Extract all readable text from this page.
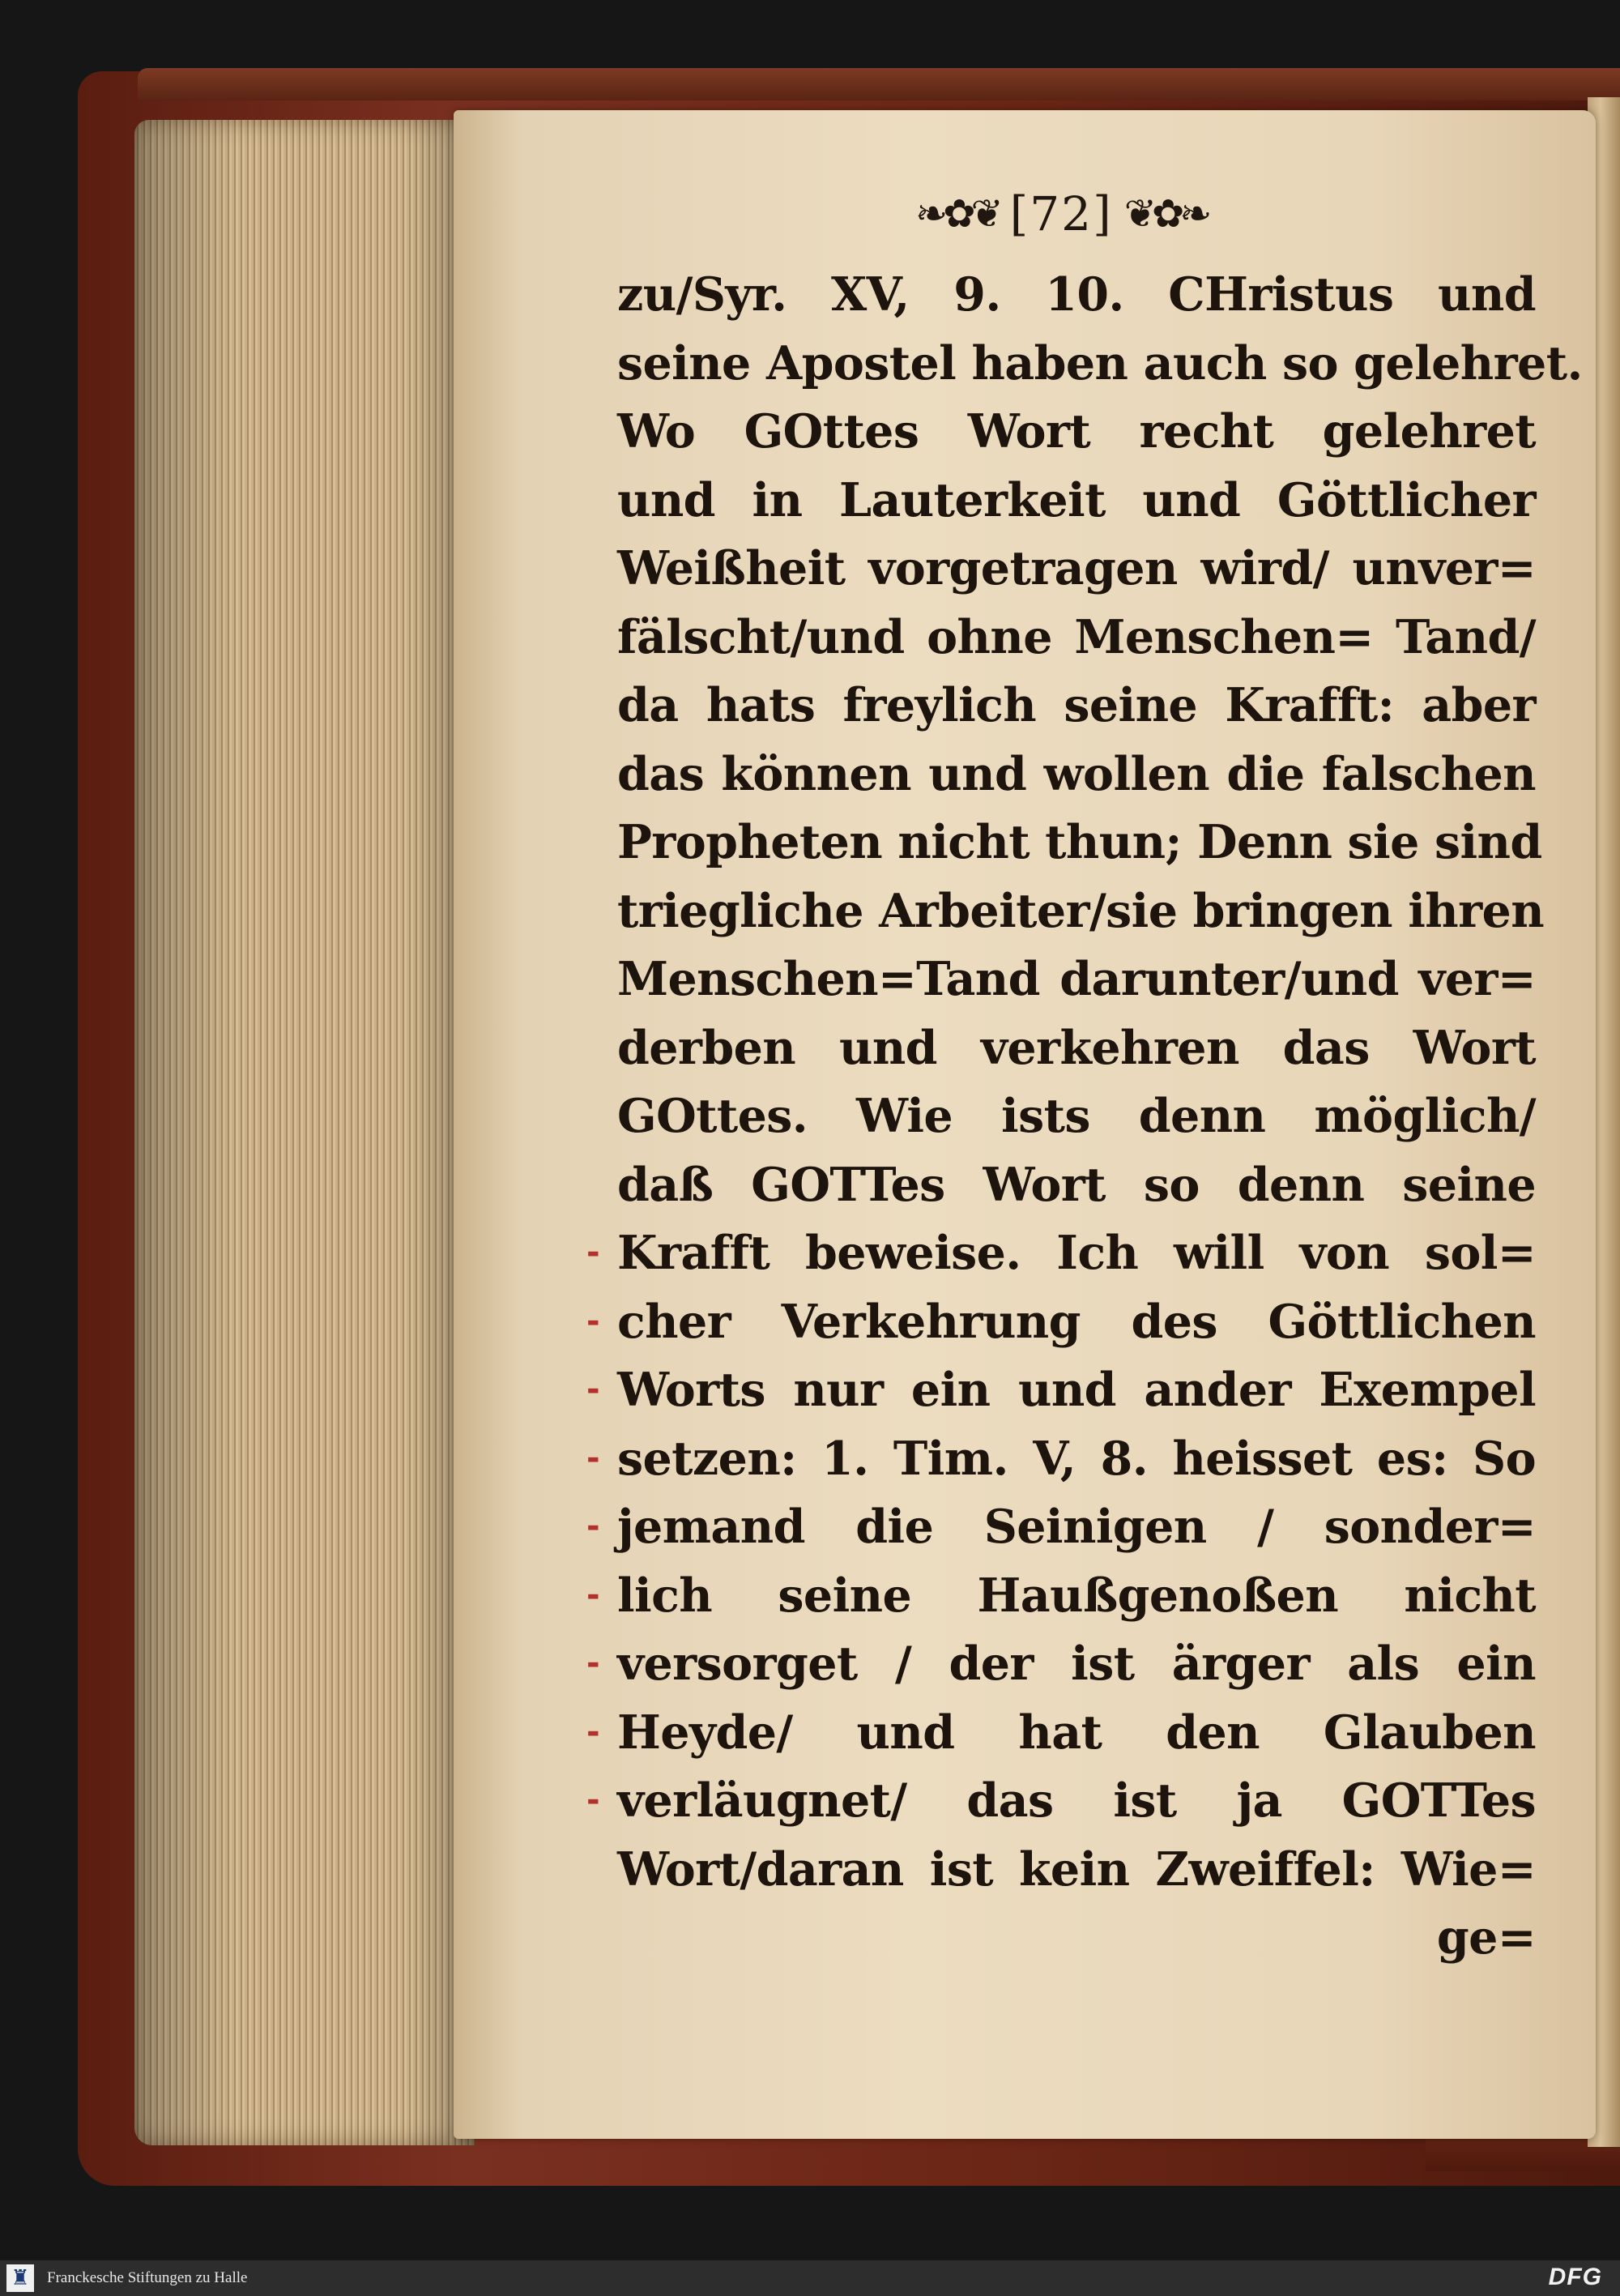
❧✿❦ [72] ❦✿❧
zu/Syr. XV, 9. 10. CHristus und
seine Apostel haben auch so gelehret.
Wo GOttes Wort recht gelehret
und in Lauterkeit und Göttlicher
Weißheit vorgetragen wird/ unver=
fälscht/und ohne Menschen= Tand/
da hats freylich seine Krafft: aber
das können und wollen die falschen
Propheten nicht thun; Denn sie sind
triegliche Arbeiter/sie bringen ihren
Menschen=Tand darunter/und ver=
derben und verkehren das Wort
GOttes. Wie ists denn möglich/
daß GOTTes Wort so denn seine
Krafft beweise. Ich will von sol=
cher Verkehrung des Göttlichen
Worts nur ein und ander Exempel
setzen: 1. Tim. V, 8. heisset es: So
jemand die Seinigen / sonder=
lich seine Haußgenoßen nicht
versorget / der ist ärger als ein
Heyde/ und hat den Glauben
verläugnet/ das ist ja GOTTes
Wort/daran ist kein Zweiffel: Wie=
ge=
-
-
-
-
-
-
-
-
-
♜ Franckesche Stiftungen zu Halle	DFG
